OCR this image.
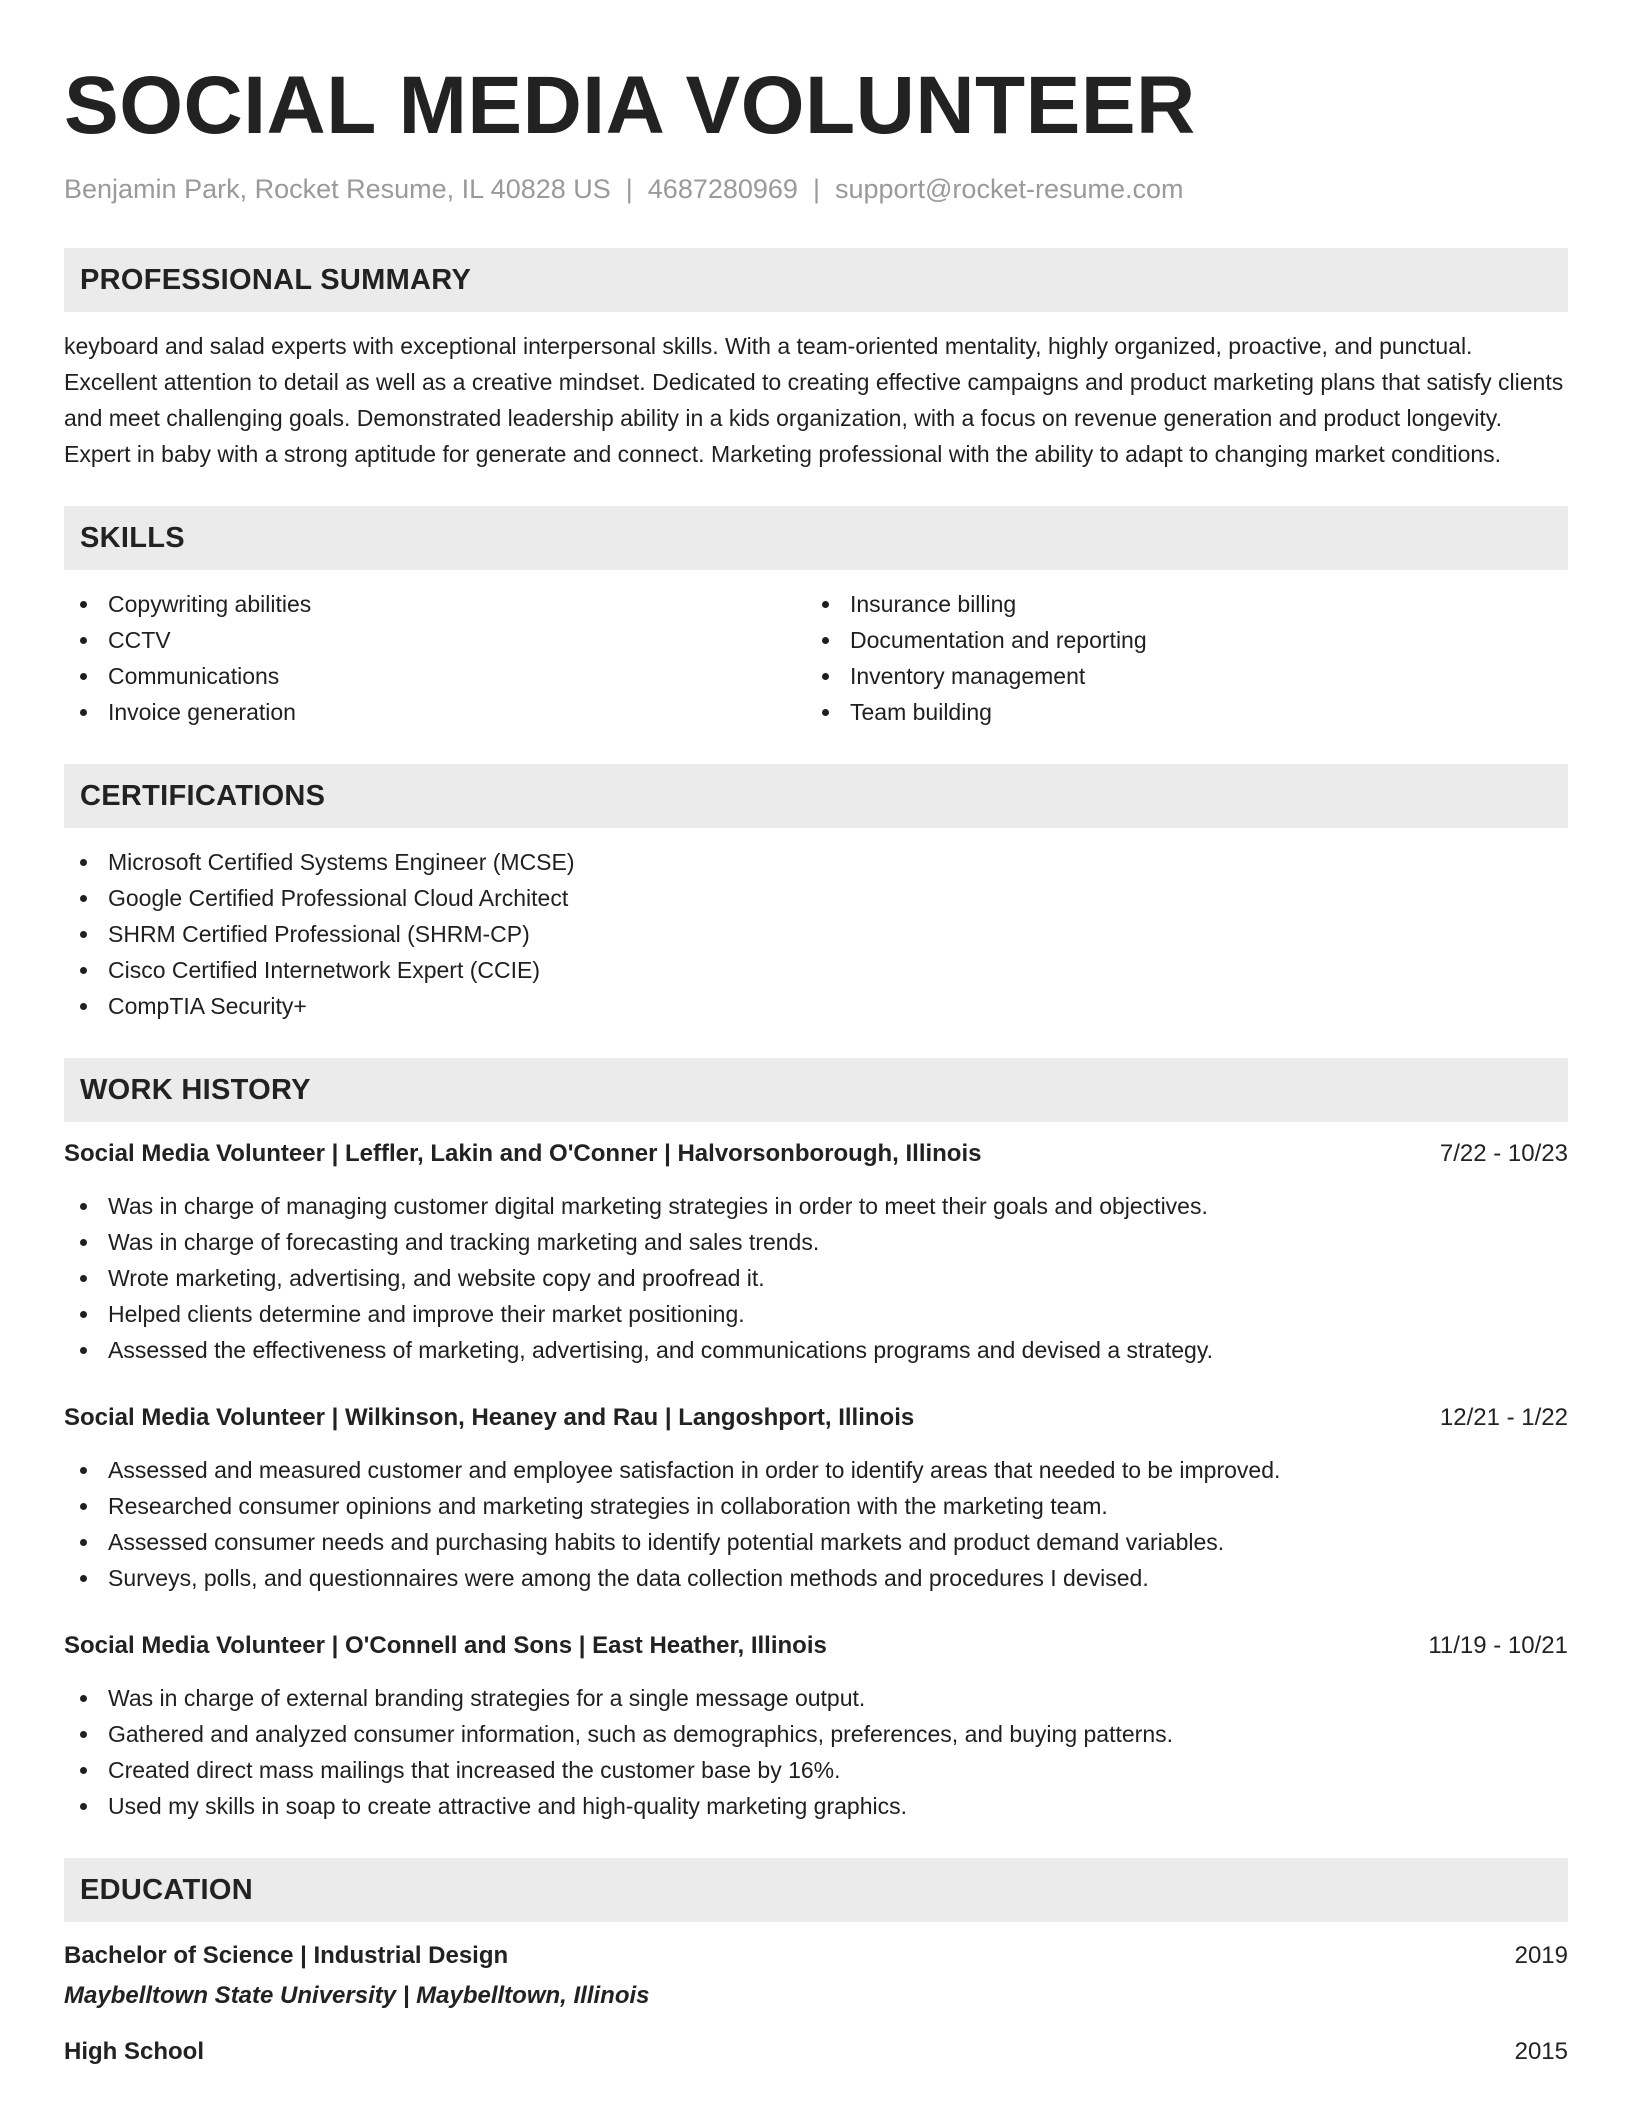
SOCIAL MEDIA VOLUNTEER
Benjamin Park, Rocket Resume, IL 40828 US | 4687280969 | support@rocket-resume.com
PROFESSIONAL SUMMARY
keyboard and salad experts with exceptional interpersonal skills. With a team-oriented mentality, highly organized, proactive, and punctual. Excellent attention to detail as well as a creative mindset. Dedicated to creating effective campaigns and product marketing plans that satisfy clients and meet challenging goals. Demonstrated leadership ability in a kids organization, with a focus on revenue generation and product longevity. Expert in baby with a strong aptitude for generate and connect. Marketing professional with the ability to adapt to changing market conditions.
SKILLS
Copywriting abilities
CCTV
Communications
Invoice generation
Insurance billing
Documentation and reporting
Inventory management
Team building
CERTIFICATIONS
Microsoft Certified Systems Engineer (MCSE)
Google Certified Professional Cloud Architect
SHRM Certified Professional (SHRM-CP)
Cisco Certified Internetwork Expert (CCIE)
CompTIA Security+
WORK HISTORY
Social Media Volunteer | Leffler, Lakin and O'Conner | Halvorsonborough, Illinois	7/22 - 10/23
Was in charge of managing customer digital marketing strategies in order to meet their goals and objectives.
Was in charge of forecasting and tracking marketing and sales trends.
Wrote marketing, advertising, and website copy and proofread it.
Helped clients determine and improve their market positioning.
Assessed the effectiveness of marketing, advertising, and communications programs and devised a strategy.
Social Media Volunteer | Wilkinson, Heaney and Rau | Langoshport, Illinois	12/21 - 1/22
Assessed and measured customer and employee satisfaction in order to identify areas that needed to be improved.
Researched consumer opinions and marketing strategies in collaboration with the marketing team.
Assessed consumer needs and purchasing habits to identify potential markets and product demand variables.
Surveys, polls, and questionnaires were among the data collection methods and procedures I devised.
Social Media Volunteer | O'Connell and Sons | East Heather, Illinois	11/19 - 10/21
Was in charge of external branding strategies for a single message output.
Gathered and analyzed consumer information, such as demographics, preferences, and buying patterns.
Created direct mass mailings that increased the customer base by 16%.
Used my skills in soap to create attractive and high-quality marketing graphics.
EDUCATION
Bachelor of Science | Industrial Design	2019
Maybelltown State University | Maybelltown, Illinois
High School	2015
